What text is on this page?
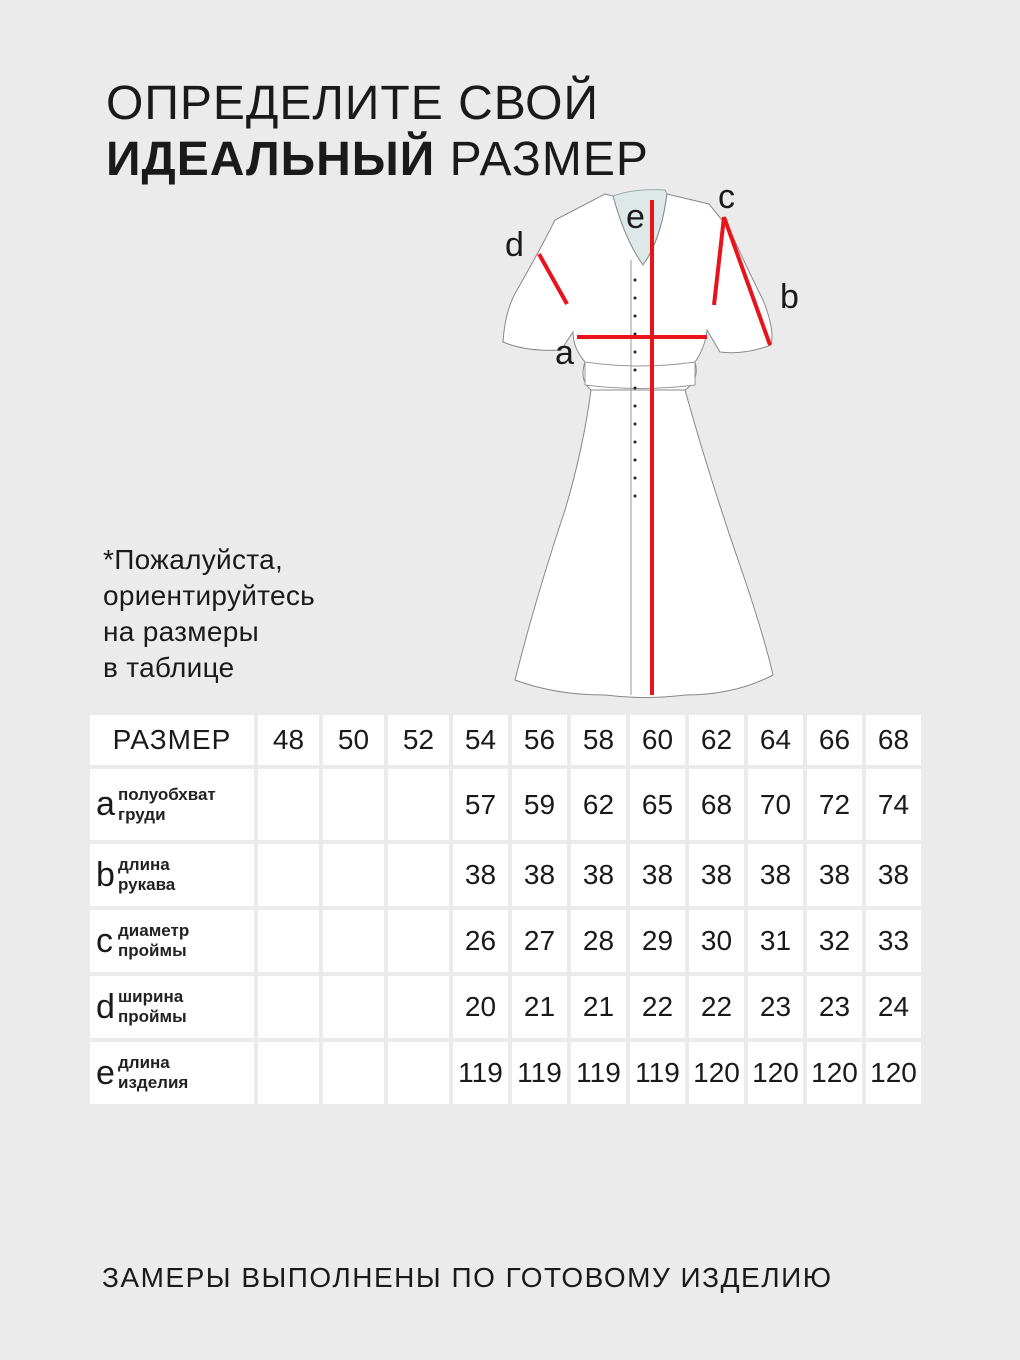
ОПРЕДЕЛИТЕ СВОЙ
ИДЕАЛЬНЫЙ РАЗМЕР
*Пожалуйста,
ориентируйтесь
на размеры
в таблице
e
c
d
b
a
РАЗМЕР	48	50	52	54	56	58	60	62	64	66	68
a полуобхват
груди				57	59	62	65	68	70	72	74
b длина
рукава				38	38	38	38	38	38	38	38
c диаметр
проймы				26	27	28	29	30	31	32	33
d ширина
проймы				20	21	21	22	22	23	23	24
e длина
изделия				119	119	119	119	120	120	120	120
ЗАМЕРЫ ВЫПОЛНЕНЫ ПО ГОТОВОМУ ИЗДЕЛИЮ
